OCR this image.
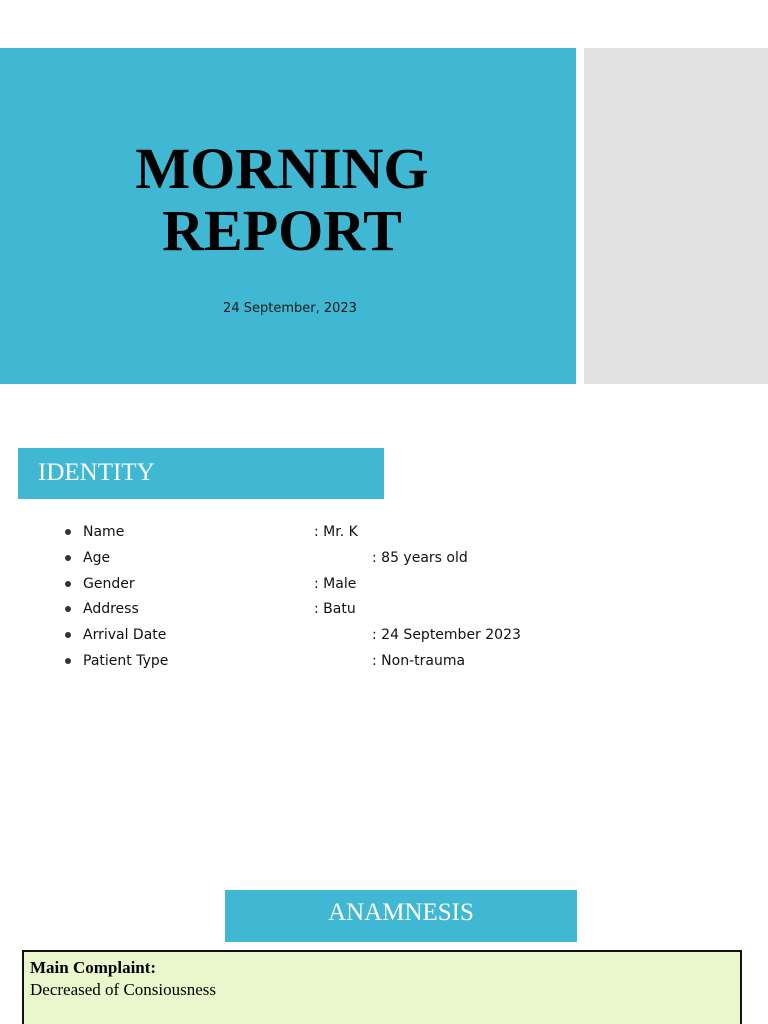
MORNING
REPORT
24 September, 2023
IDENTITY
Name	: Mr. K
Age	: 85 years old
Gender	: Male
Address	: Batu
Arrival Date	: 24 September 2023
Patient Type	: Non-trauma
ANAMNESIS
Main Complaint:
Decreased of Consiousness
